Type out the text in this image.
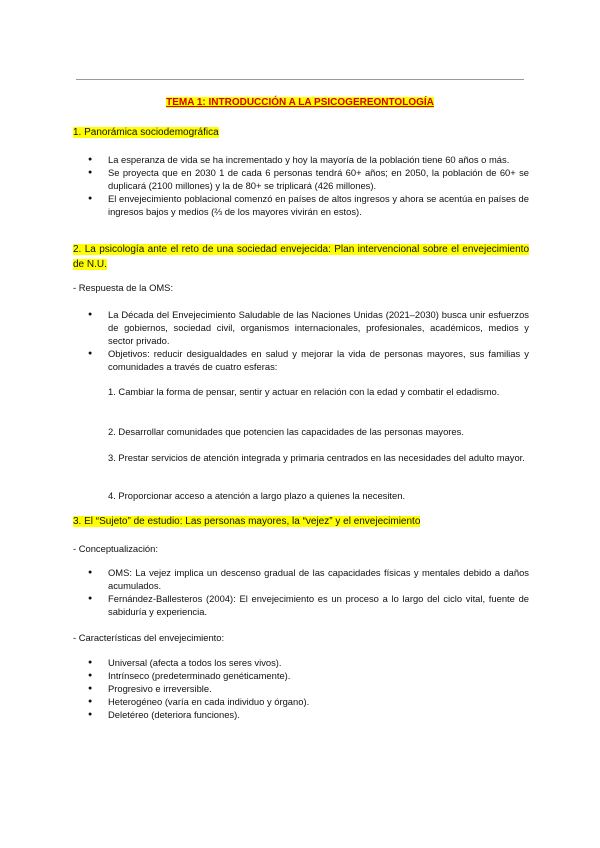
TEMA 1: INTRODUCCIÓN A LA PSICOGEREONTOLOGÍA
1. Panorámica sociodemográfica
● La esperanza de vida se ha incrementado y hoy la mayoría de la población tiene 60 años o más.
● Se proyecta que en 2030 1 de cada 6 personas tendrá 60+ años; en 2050, la población de 60+ se duplicará (2100 millones) y la de 80+ se triplicará (426 millones).
● El envejecimiento poblacional comenzó en países de altos ingresos y ahora se acentúa en países de ingresos bajos y medios (⅔ de los mayores vivirán en estos).
2. La psicología ante el reto de una sociedad envejecida: Plan intervencional sobre el envejecimiento de N.U.
- Respuesta de la OMS:
● La Década del Envejecimiento Saludable de las Naciones Unidas (2021–2030) busca unir esfuerzos de gobiernos, sociedad civil, organismos internacionales, profesionales, académicos, medios y sector privado.
● Objetivos: reducir desigualdades en salud y mejorar la vida de personas mayores, sus familias y comunidades a través de cuatro esferas:
1. Cambiar la forma de pensar, sentir y actuar en relación con la edad y combatir el edadismo.
2. Desarrollar comunidades que potencien las capacidades de las personas mayores.
3. Prestar servicios de atención integrada y primaria centrados en las necesidades del adulto mayor.
4. Proporcionar acceso a atención a largo plazo a quienes la necesiten.
3. El “Sujeto” de estudio: Las personas mayores, la “vejez” y el envejecimiento
- Conceptualización:
● OMS: La vejez implica un descenso gradual de las capacidades físicas y mentales debido a daños acumulados.
● Fernández-Ballesteros (2004): El envejecimiento es un proceso a lo largo del ciclo vital, fuente de sabiduría y experiencia.
- Características del envejecimiento:
● Universal (afecta a todos los seres vivos).
● Intrínseco (predeterminado genéticamente).
● Progresivo e irreversible.
● Heterogéneo (varía en cada individuo y órgano).
● Deletéreo (deteriora funciones).
